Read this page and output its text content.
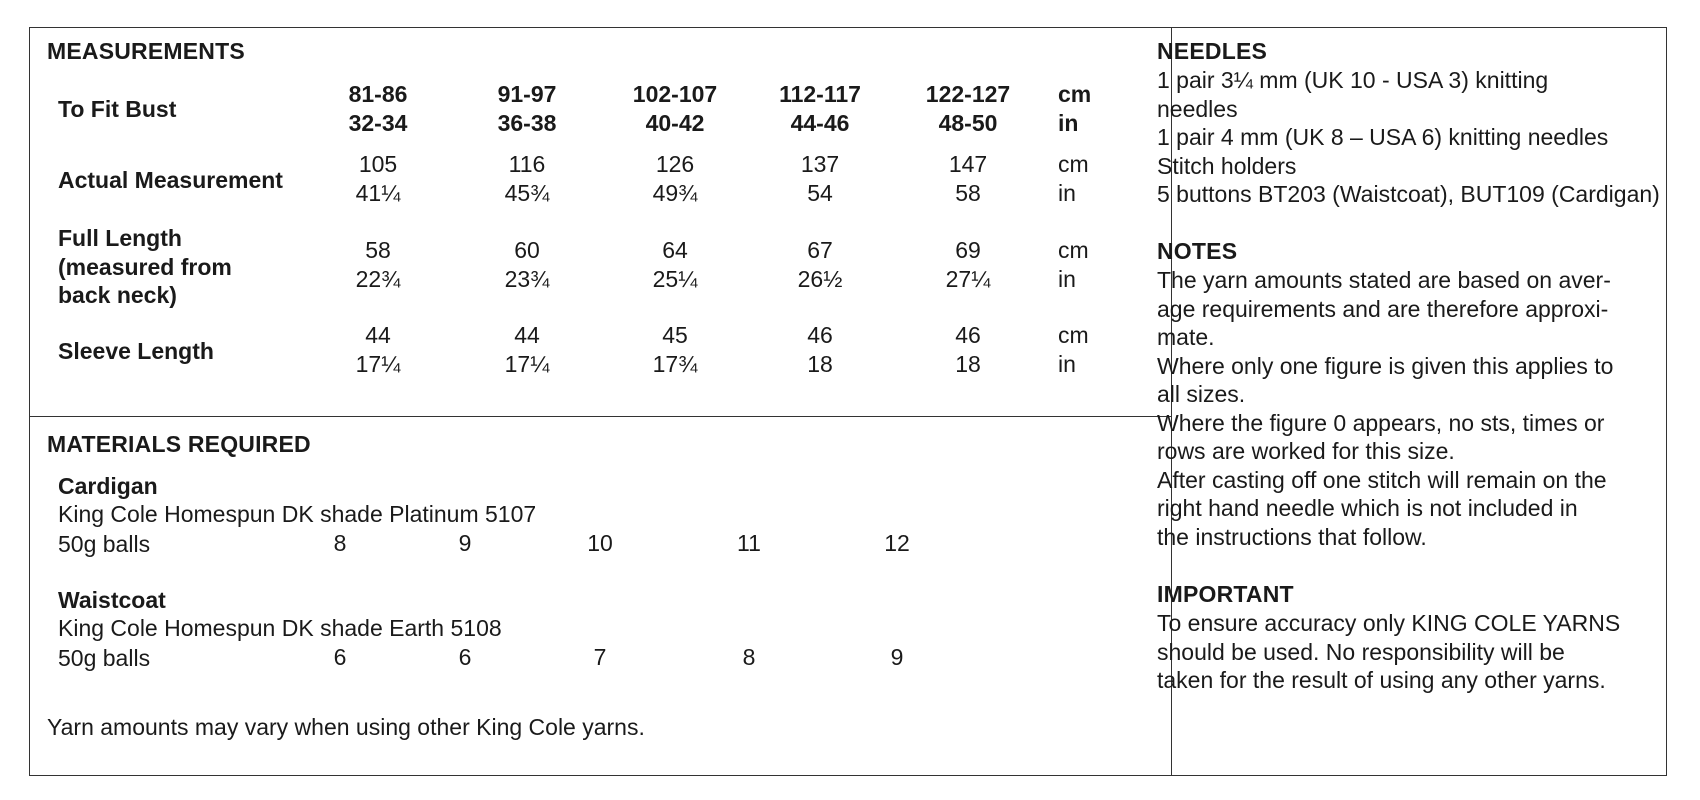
MEASUREMENTS
To Fit Bust
81-86	91-97	102-107	112-117	122-127	cm
32-34	36-38	40-42	44-46	48-50	in
Actual Measurement
105	116	126	137	147	cm
41¼	45¾	49¾	54	58	in
Full Length
(measured from
back neck)
58	60	64	67	69	cm
22¾	23¾	25¼	26½	27¼	in
Sleeve Length
44	44	45	46	46	cm
17¼	17¼	17¾	18	18	in
MATERIALS REQUIRED
Cardigan
King Cole Homespun DK shade Platinum 5107
50g balls	8	9	10	11	12
Waistcoat
King Cole Homespun DK shade Earth 5108
50g balls	6	6	7	8	9
Yarn amounts may vary when using other King Cole yarns.
NEEDLES
1 pair 3¼ mm (UK 10 - USA 3) knitting
needles
1 pair 4 mm (UK 8 – USA 6) knitting needles
Stitch holders
5 buttons BT203 (Waistcoat), BUT109 (Cardigan)
NOTES
The yarn amounts stated are based on aver-
age requirements and are therefore approxi-
mate.
Where only one figure is given this applies to
all sizes.
Where the figure 0 appears, no sts, times or
rows are worked for this size.
After casting off one stitch will remain on the
right hand needle which is not included in
the instructions that follow.
IMPORTANT
To ensure accuracy only KING COLE YARNS
should be used. No responsibility will be
taken for the result of using any other yarns.
